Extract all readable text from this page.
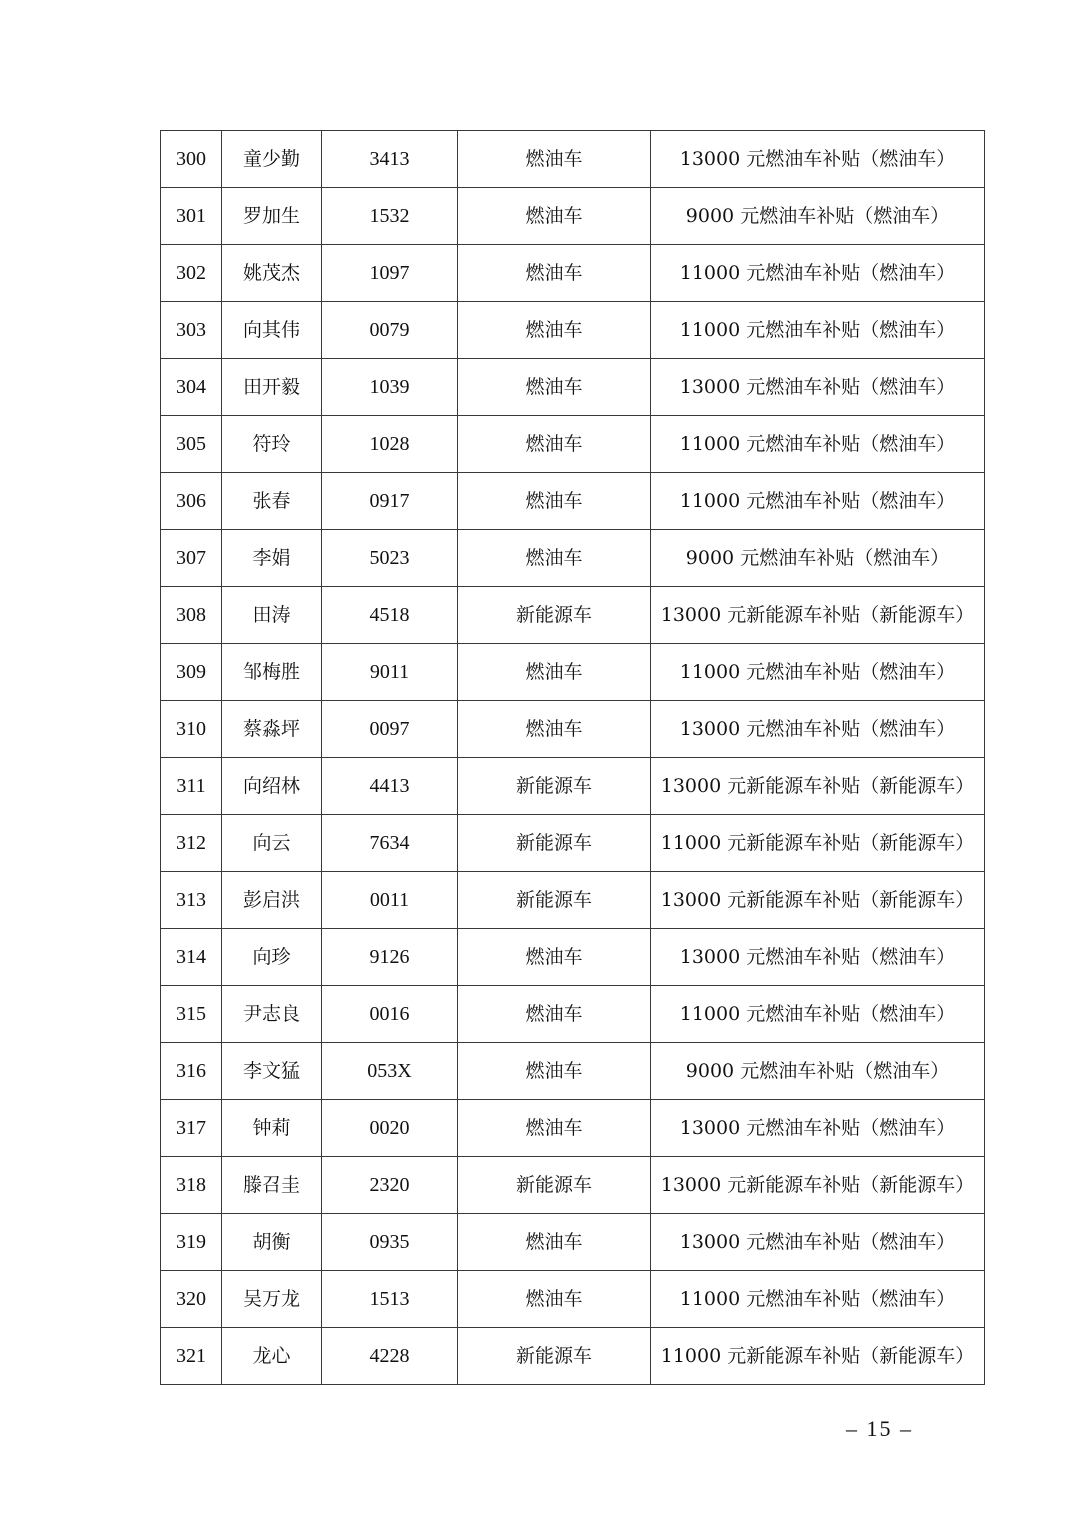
300	童少勤	3413	燃油车	13000 元燃油车补贴（燃油车）
301	罗加生	1532	燃油车	9000 元燃油车补贴（燃油车）
302	姚茂杰	1097	燃油车	11000 元燃油车补贴（燃油车）
303	向其伟	0079	燃油车	11000 元燃油车补贴（燃油车）
304	田开毅	1039	燃油车	13000 元燃油车补贴（燃油车）
305	符玲	1028	燃油车	11000 元燃油车补贴（燃油车）
306	张春	0917	燃油车	11000 元燃油车补贴（燃油车）
307	李娟	5023	燃油车	9000 元燃油车补贴（燃油车）
308	田涛	4518	新能源车	13000 元新能源车补贴（新能源车）
309	邹梅胜	9011	燃油车	11000 元燃油车补贴（燃油车）
310	蔡淼坪	0097	燃油车	13000 元燃油车补贴（燃油车）
311	向绍林	4413	新能源车	13000 元新能源车补贴（新能源车）
312	向云	7634	新能源车	11000 元新能源车补贴（新能源车）
313	彭启洪	0011	新能源车	13000 元新能源车补贴（新能源车）
314	向珍	9126	燃油车	13000 元燃油车补贴（燃油车）
315	尹志良	0016	燃油车	11000 元燃油车补贴（燃油车）
316	李文猛	053X	燃油车	9000 元燃油车补贴（燃油车）
317	钟莉	0020	燃油车	13000 元燃油车补贴（燃油车）
318	滕召圭	2320	新能源车	13000 元新能源车补贴（新能源车）
319	胡衡	0935	燃油车	13000 元燃油车补贴（燃油车）
320	吴万龙	1513	燃油车	11000 元燃油车补贴（燃油车）
321	龙心	4228	新能源车	11000 元新能源车补贴（新能源车）
– 15 –
